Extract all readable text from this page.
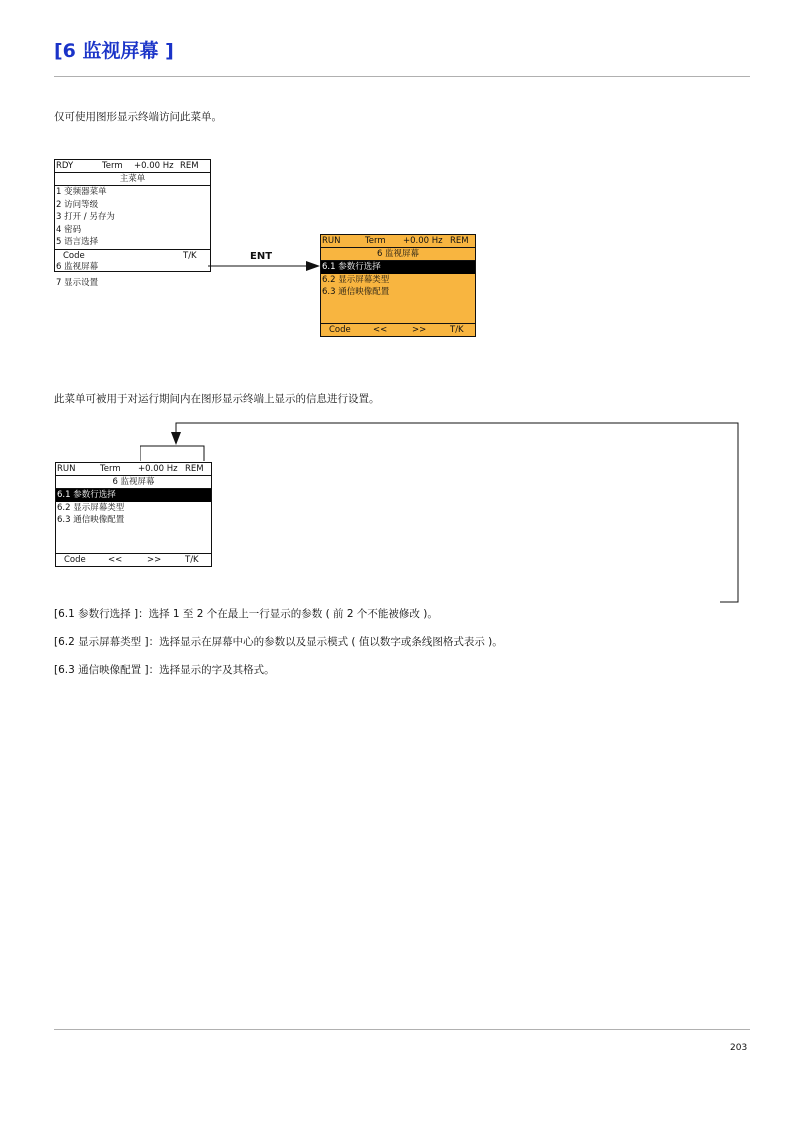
[6 监视屏幕 ]
仅可使用图形显示终端访问此菜单。
RDY	Term +0.00 Hz REM
主菜单
1 变频器菜单
2 访问等级
3 打开 / 另存为
4 密码
5 语言选择
Code	T/K
6 监视屏幕
7 显示设置
ENT
RUN	Term +0.00 Hz REM
6 监视屏幕
6.1 参数行选择
6.2 显示屏幕类型
6.3 通信映像配置
Code	<<	>>	T/K
此菜单可被用于对运行期间内在图形显示终端上显示的信息进行设置。
RUN	Term +0.00 Hz REM
6 监视屏幕
6.1 参数行选择
6.2 显示屏幕类型
6.3 通信映像配置
Code	<<	>>	T/K
[6.1 参数行选择 ]：选择 1 至 2 个在最上一行显示的参数 ( 前 2 个不能被修改 )。
[6.2 显示屏幕类型 ]：选择显示在屏幕中心的参数以及显示模式 ( 值以数字或条线图格式表示 )。
[6.3 通信映像配置 ]：选择显示的字及其格式。
203
